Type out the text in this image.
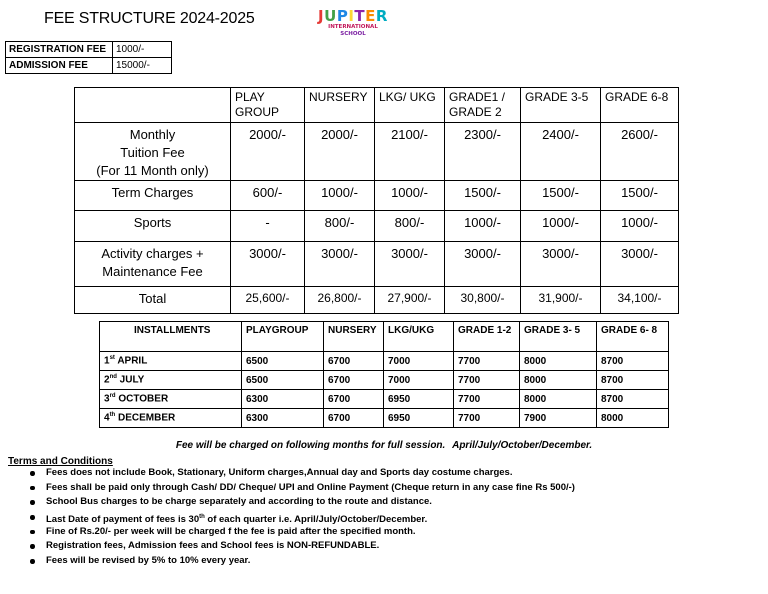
FEE STRUCTURE 2024-2025	JUPITER
INTERNATIONAL
SCHOOL
REGISTRATION FEE	1000/-
ADMISSION FEE	15000/-
	PLAY GROUP	NURSERY	LKG/ UKG	GRADE1 / GRADE 2	GRADE 3-5	GRADE 6-8

Monthly
Tuition Fee
(For 11 Month only)	2000/-	2000/-	2100/-	2300/-	2400/-	2600/-

Term Charges	600/-	1000/-	1000/-	1500/-	1500/-	1500/-

Sports	-	800/-	800/-	1000/-	1000/-	1000/-

Activity charges +
Maintenance Fee	3000/-	3000/-	3000/-	3000/-	3000/-	3000/-

Total	25,600/-	26,800/-	27,900/-	30,800/-	31,900/-	34,100/-
INSTALLMENTS	PLAYGROUP	NURSERY	LKG/UKG	GRADE 1-2	GRADE 3- 5	GRADE 6- 8
1st APRIL	6500	6700	7000	7700	8000	8700
2nd JULY	6500	6700	7000	7700	8000	8700
3rd OCTOBER	6300	6700	6950	7700	8000	8700
4th DECEMBER	6300	6700	6950	7700	7900	8000
Fee will be charged on following months for full session. April/July/October/December.
Terms and Conditions
Fees does not include Book, Stationary, Uniform charges,Annual day and Sports day costume charges.
Fees shall be paid only through Cash/ DD/ Cheque/ UPI and Online Payment (Cheque return in any case fine Rs 500/-)
School Bus charges to be charge separately and according to the route and distance.
Last Date of payment of fees is 30th of each quarter i.e. April/July/October/December.
Fine of Rs.20/- per week will be charged f the fee is paid after the specified month.
Registration fees, Admission fees and School fees is NON-REFUNDABLE.
Fees will be revised by 5% to 10% every year.
